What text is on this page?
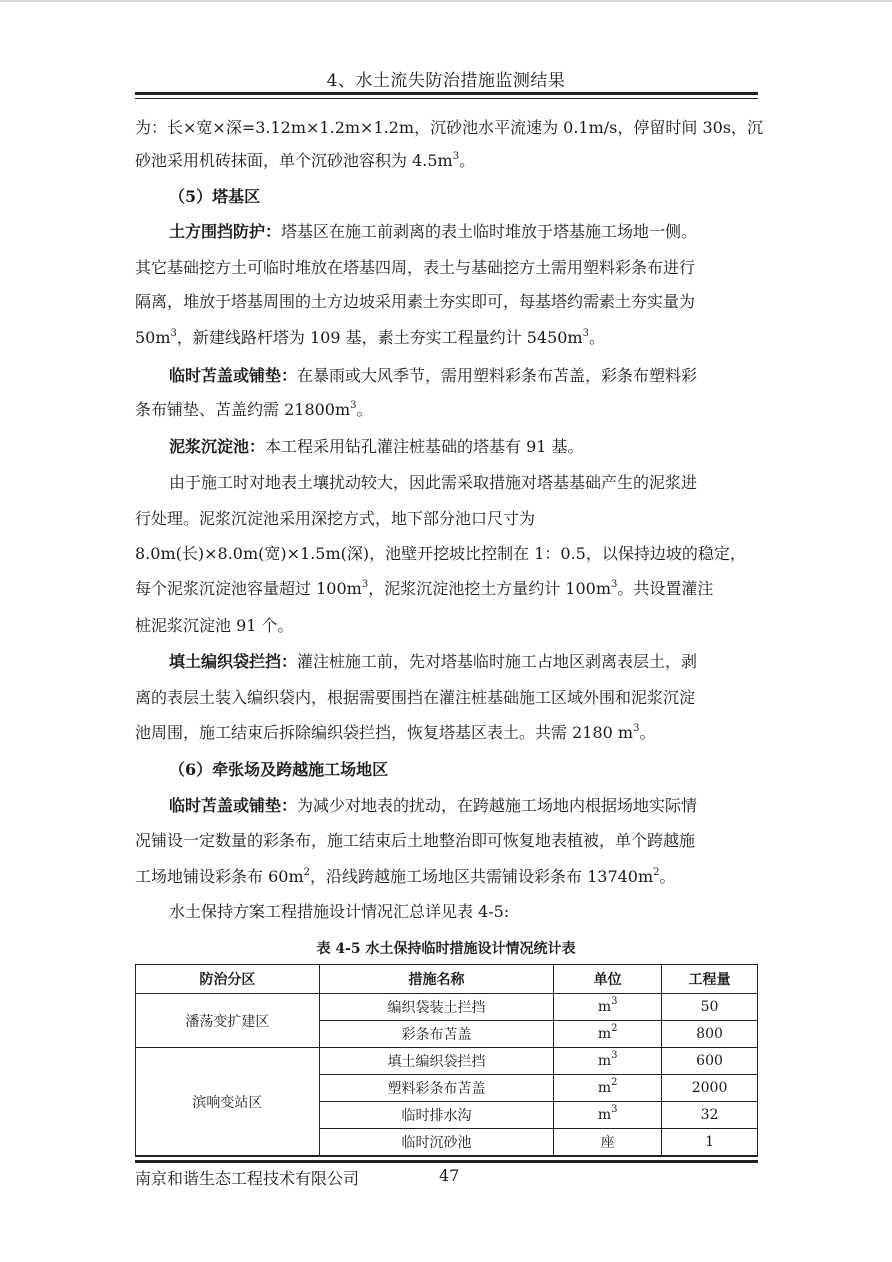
4、水土流失防治措施监测结果
为：长×宽×深=3.12m×1.2m×1.2m，沉砂池水平流速为 0.1m/s，停留时间 30s，沉
砂池采用机砖抹面，单个沉砂池容积为 $4.5m^3$。
（5）塔基区
土方围挡防护：塔基区在施工前剥离的表土临时堆放于塔基施工场地一侧。
其它基础挖方土可临时堆放在塔基四周，表土与基础挖方土需用塑料彩条布进行
隔离，堆放于塔基周围的土方边坡采用素土夯实即可，每基塔约需素土夯实量为
$50m^3$，新建线路杆塔为 109 基，素土夯实工程量约计 $5450m^3$。
临时苫盖或铺垫：在暴雨或大风季节，需用塑料彩条布苫盖，彩条布塑料彩
条布铺垫、苫盖约需 $21800m^3$。
泥浆沉淀池：本工程采用钻孔灌注桩基础的塔基有 91 基。
由于施工时对地表土壤扰动较大，因此需采取措施对塔基基础产生的泥浆进
行处理。泥浆沉淀池采用深挖方式，地下部分池口尺寸为
8.0m(长)×8.0m(宽)×1.5m(深)，池壁开挖坡比控制在 1：0.5，以保持边坡的稳定，
每个泥浆沉淀池容量超过 $100m^3$，泥浆沉淀池挖土方量约计 $100m^3$。共设置灌注
桩泥浆沉淀池 91 个。
填土编织袋拦挡：灌注桩施工前，先对塔基临时施工占地区剥离表层土，剥
离的表层土装入编织袋内，根据需要围挡在灌注桩基础施工区域外围和泥浆沉淀
池周围，施工结束后拆除编织袋拦挡，恢复塔基区表土。共需 2180 $m^3$。
（6）牵张场及跨越施工场地区
临时苫盖或铺垫：为减少对地表的扰动，在跨越施工场地内根据场地实际情
况铺设一定数量的彩条布，施工结束后土地整治即可恢复地表植被，单个跨越施
工场地铺设彩条布 $60m^2$，沿线跨越施工场地区共需铺设彩条布 $13740m^2$。
水土保持方案工程措施设计情况汇总详见表 4-5:
表 4-5 水土保持临时措施设计情况统计表
防治分区	措施名称	单位	工程量
潘荡变扩建区	编织袋装土拦挡	$m^3$	50
	彩条布苫盖	$m^2$	800
滨响变站区	填土编织袋拦挡	$m^3$	600
	塑料彩条布苫盖	$m^2$	2000
	临时排水沟	$m^3$	32
	临时沉砂池	座	1
南京和谐生态工程技术有限公司	47
